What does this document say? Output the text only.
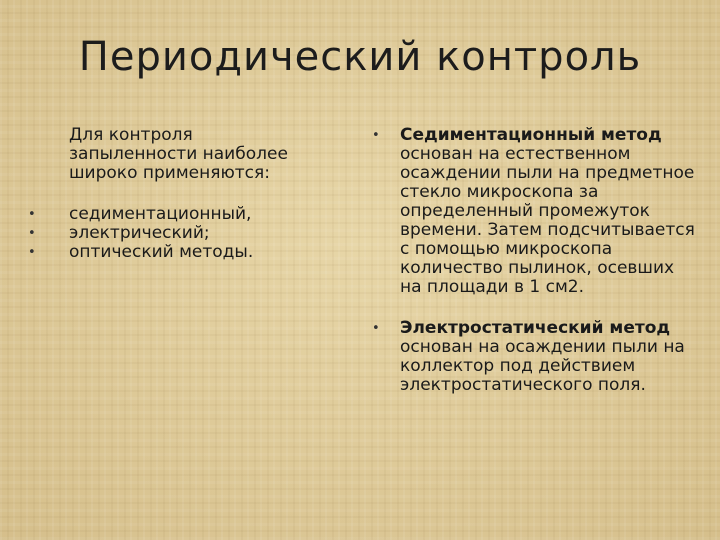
Периодический контроль

Для контроля запыленности наиболее широко применяются:

• седиментационный,
• электрический;
• оптический методы.
• Седиментационный метод основан на естественном осаждении пыли на предметное стекло микроскопа за определенный промежуток времени. Затем подсчитывается с помощью микроскопа количество пылинок, осевших на площади в 1 см2.
• Электростатический метод основан на осаждении пыли на коллектор под действием электростатического поля.
